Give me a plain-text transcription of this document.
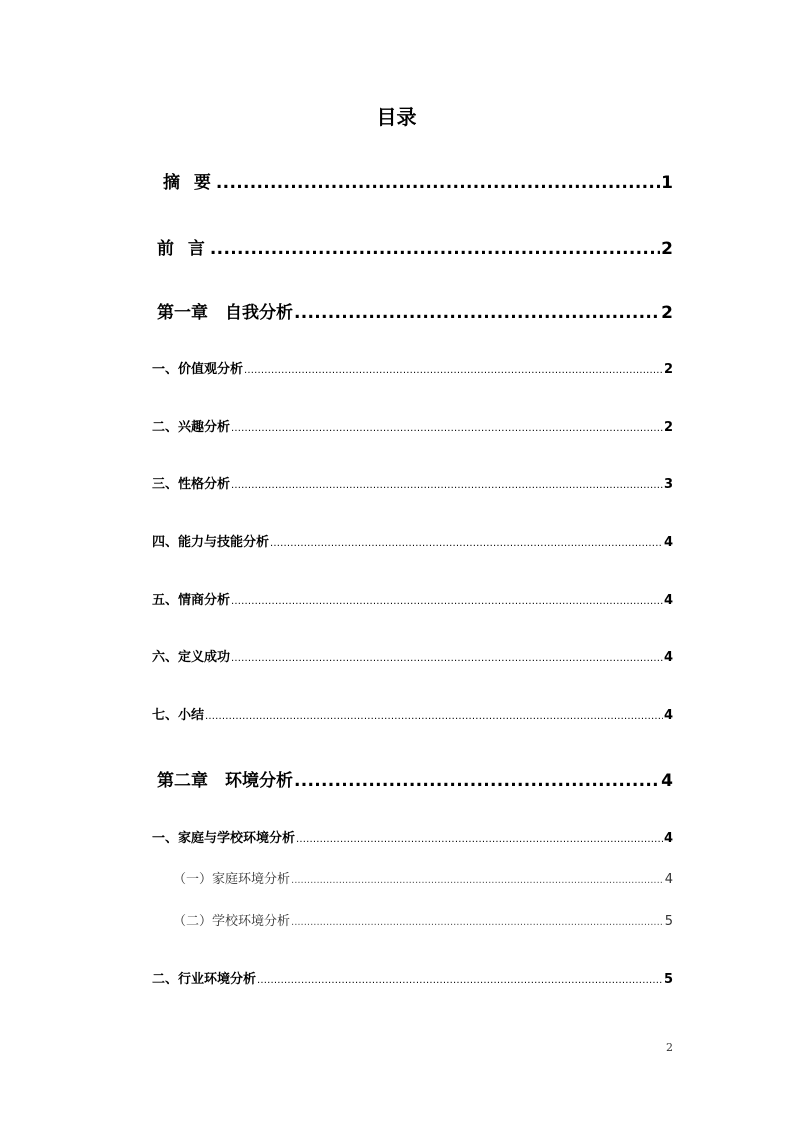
目录
摘 要 .....	1
前 言 .....	2
第一章　自我分析 .....	2
一、价值观分析 .....	2
二、兴趣分析 .....	2
三、性格分析 .....	3
四、能力与技能分析 .....	4
五、情商分析 .....	4
六、定义成功 .....	4
七、小结 .....	4
第二章　环境分析 .....	4
一、家庭与学校环境分析 .....	4
（一）家庭环境分析 .....	4
（二）学校环境分析 .....	5
二、行业环境分析 .....	5
2
